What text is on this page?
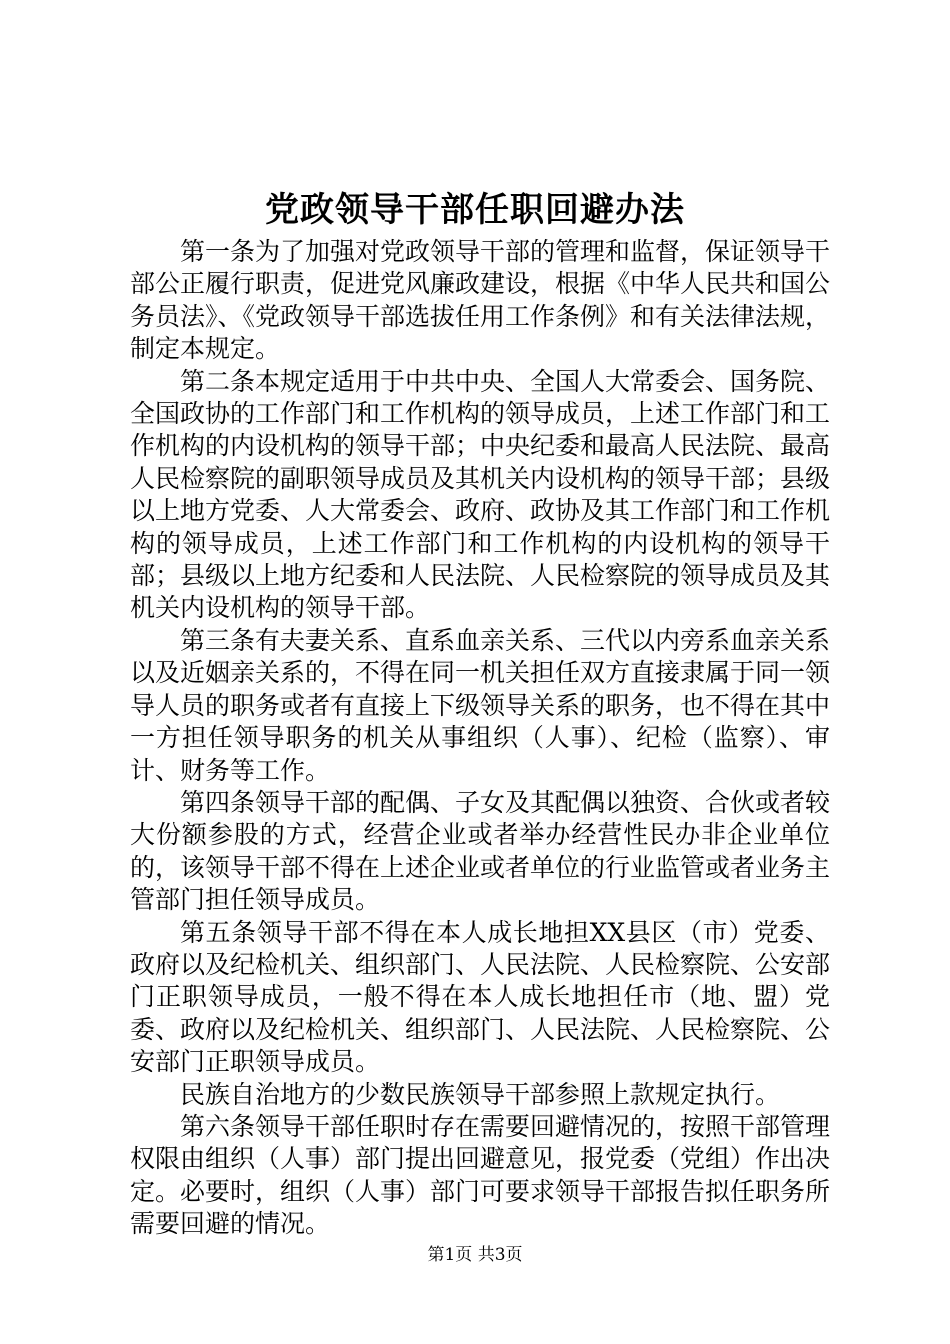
党政领导干部任职回避办法

第一条为了加强对党政领导干部的管理和监督，保证领导干部公正履行职责，促进党风廉政建设，根据《中华人民共和国公务员法》、《党政领导干部选拔任用工作条例》和有关法律法规，制定本规定。

第二条本规定适用于中共中央、全国人大常委会、国务院、全国政协的工作部门和工作机构的领导成员，上述工作部门和工作机构的内设机构的领导干部；中央纪委和最高人民法院、最高人民检察院的副职领导成员及其机关内设机构的领导干部；县级以上地方党委、人大常委会、政府、政协及其工作部门和工作机构的领导成员，上述工作部门和工作机构的内设机构的领导干部；县级以上地方纪委和人民法院、人民检察院的领导成员及其机关内设机构的领导干部。

第三条有夫妻关系、直系血亲关系、三代以内旁系血亲关系以及近姻亲关系的，不得在同一机关担任双方直接隶属于同一领导人员的职务或者有直接上下级领导关系的职务，也不得在其中一方担任领导职务的机关从事组织（人事）、纪检（监察）、审计、财务等工作。

第四条领导干部的配偶、子女及其配偶以独资、合伙或者较大份额参股的方式，经营企业或者举办经营性民办非企业单位的，该领导干部不得在上述企业或者单位的行业监管或者业务主管部门担任领导成员。

第五条领导干部不得在本人成长地担XX县区（市）党委、政府以及纪检机关、组织部门、人民法院、人民检察院、公安部门正职领导成员，一般不得在本人成长地担任市（地、盟）党委、政府以及纪检机关、组织部门、人民法院、人民检察院、公安部门正职领导成员。

民族自治地方的少数民族领导干部参照上款规定执行。

第六条领导干部任职时存在需要回避情况的，按照干部管理权限由组织（人事）部门提出回避意见，报党委（党组）作出决定。必要时，组织（人事）部门可要求领导干部报告拟任职务所需要回避的情况。

第1页 共3页
